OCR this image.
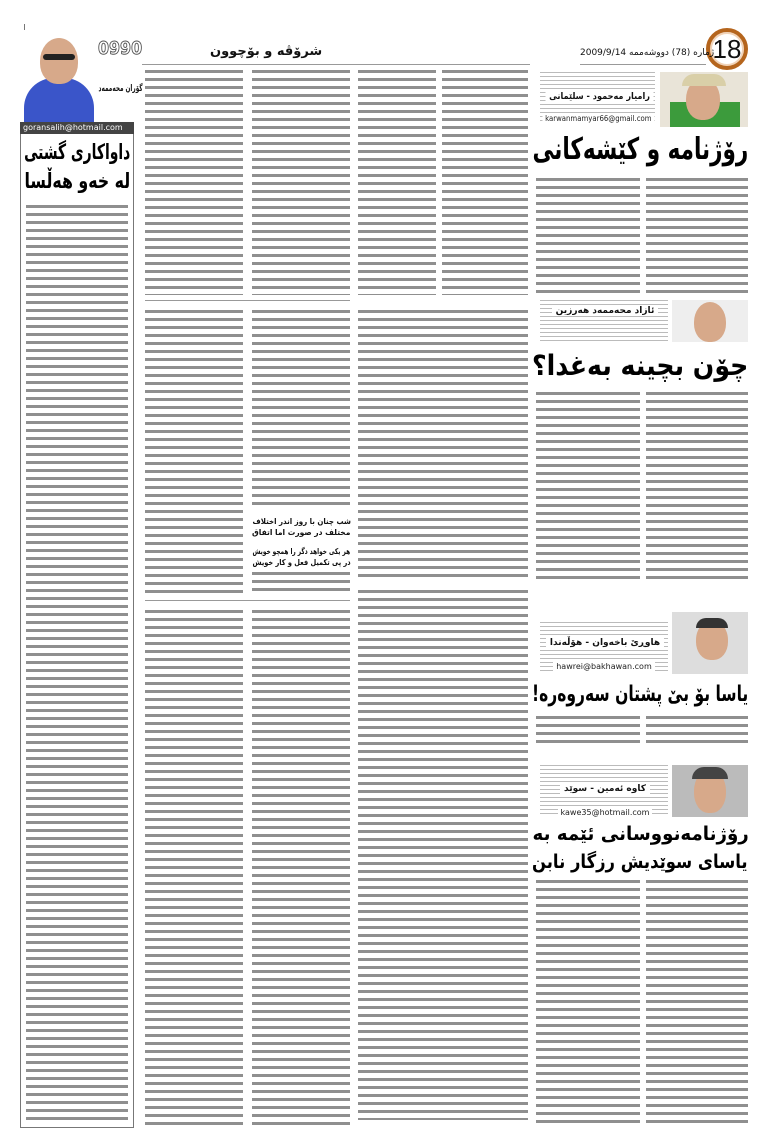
18
ژمارە (78) دووشەممە 2009/9/14
شرۆڤە و بۆچوون
0990
گۆران محەممەد
goransalih@hotmail.com
داواکاری گشتی
لە خەو هەڵسا
شب چنان با روز اندر اختلاف
مختلف در صورت اما اتفاق
هر یکی خواهد دگر را همچو خویش
در پی تکمیل فعل و کار خویش
رامیار مەحمود - سلێمانی
karwanmamyar66@gmail.com
رۆژنامە و کێشەکانی
ئازاد محەممەد هەرزین
چۆن بچینە بەغدا؟
هاوڕێ باخەوان - هۆڵەندا
hawrei@bakhawan.com
یاسا بۆ بێ پشتان سەروەرە!
کاوە ئەمین - سوێد
kawe35@hotmail.com
رۆژنامەنووسانی ئێمە بە
یاسای سوێدیش رزگار نابن
